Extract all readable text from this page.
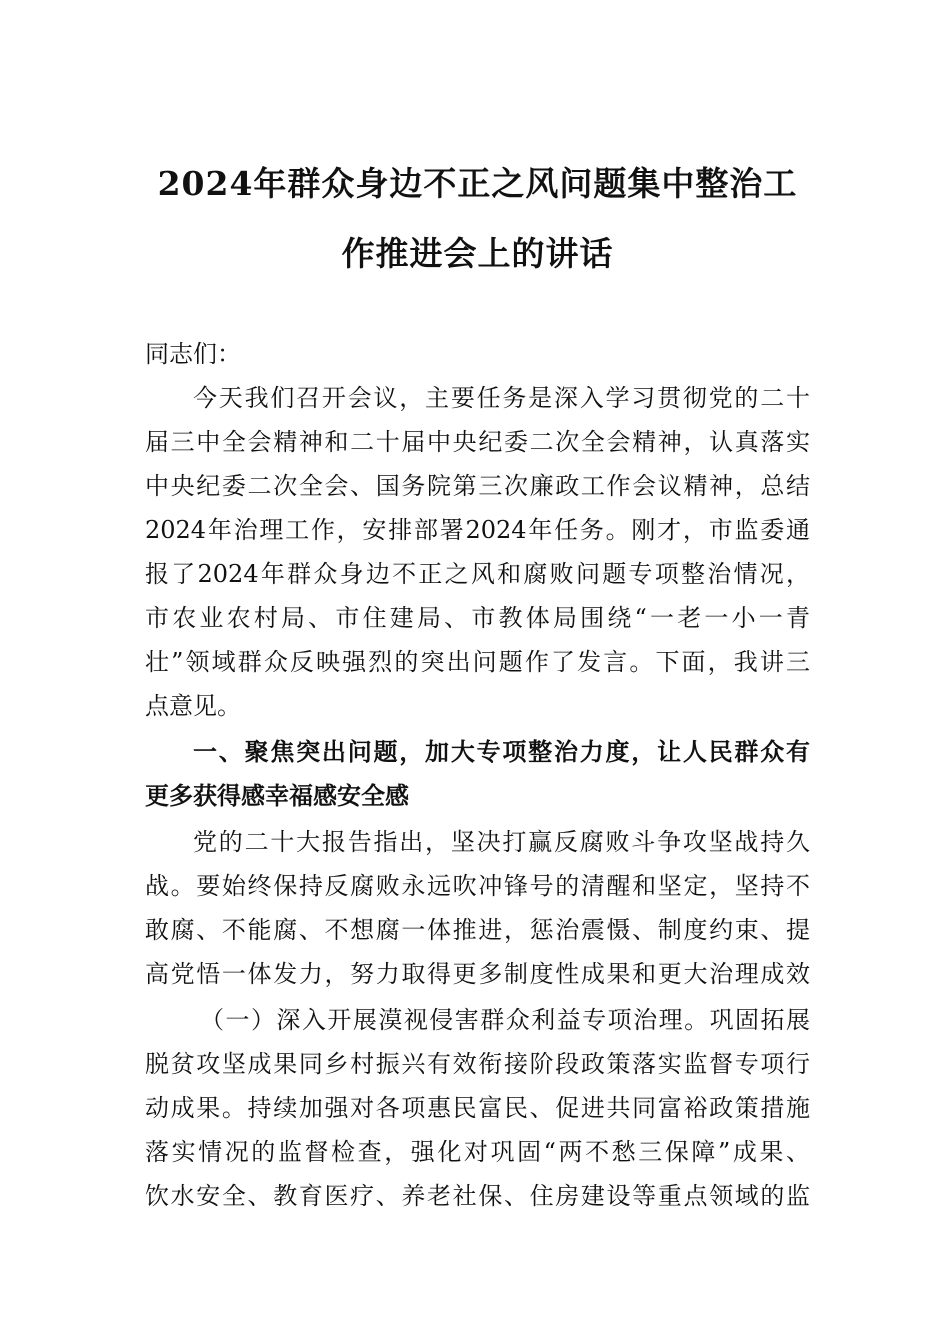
2024年群众身边不正之风问题集中整治工
作推进会上的讲话
同志们：
今天我们召开会议，主要任务是深入学习贯彻党的二十
届三中全会精神和二十届中央纪委二次全会精神，认真落实
中央纪委二次全会、国务院第三次廉政工作会议精神，总结
2024年治理工作，安排部署2024年任务。刚才，市监委通
报了2024年群众身边不正之风和腐败问题专项整治情况，
市农业农村局、市住建局、市教体局围绕“一老一小一青
壮”领域群众反映强烈的突出问题作了发言。下面，我讲三
点意见。
一、聚焦突出问题，加大专项整治力度，让人民群众有
更多获得感幸福感安全感
党的二十大报告指出，坚决打赢反腐败斗争攻坚战持久
战。要始终保持反腐败永远吹冲锋号的清醒和坚定，坚持不
敢腐、不能腐、不想腐一体推进，惩治震慑、制度约束、提
高党悟一体发力，努力取得更多制度性成果和更大治理成效
（一）深入开展漠视侵害群众利益专项治理。巩固拓展
脱贫攻坚成果同乡村振兴有效衔接阶段政策落实监督专项行
动成果。持续加强对各项惠民富民、促进共同富裕政策措施
落实情况的监督检查，强化对巩固“两不愁三保障”成果、
饮水安全、教育医疗、养老社保、住房建设等重点领域的监
